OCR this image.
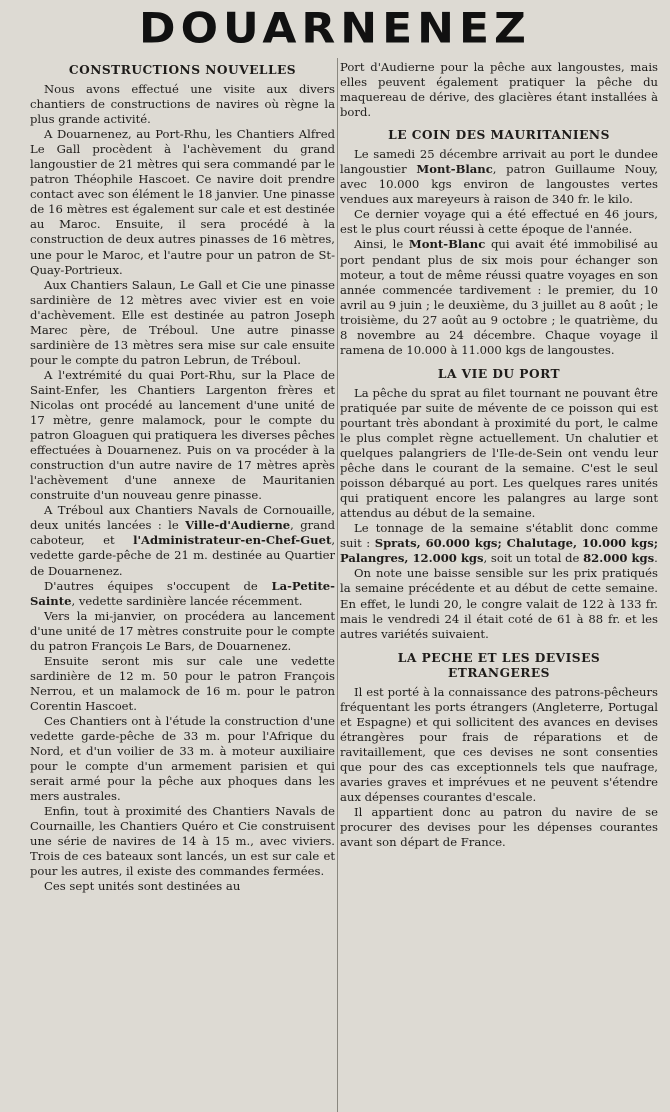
DOUARNENEZ
CONSTRUCTIONS NOUVELLES

Nous avons effectué une visite aux divers chantiers de constructions de navires où règne la plus grande activité.

A Douarnenez, au Port-Rhu, les Chantiers Alfred Le Gall procèdent à l'achèvement du grand langoustier de 21 mètres qui sera commandé par le patron Théophile Hascoet. Ce navire doit prendre contact avec son élément le 18 janvier. Une pinasse de 16 mètres est également sur cale et est destinée au Maroc. Ensuite, il sera procédé à la construction de deux autres pinasses de 16 mètres, une pour le Maroc, et l'autre pour un patron de St-Quay-Portrieux.

Aux Chantiers Salaun, Le Gall et Cie une pinasse sardinière de 12 mètres avec vivier est en voie d'achèvement. Elle est destinée au patron Joseph Marec père, de Tréboul. Une autre pinasse sardinière de 13 mètres sera mise sur cale ensuite pour le compte du patron Lebrun, de Tréboul.

A l'extrémité du quai Port-Rhu, sur la Place de Saint-Enfer, les Chantiers Largenton frères et Nicolas ont procédé au lancement d'une unité de 17 mètre, genre malamock, pour le compte du patron Gloaguen qui pratiquera les diverses pêches effectuées à Douarnenez. Puis on va procéder à la construction d'un autre navire de 17 mètres après l'achèvement d'une annexe de Mauritanien construite d'un nouveau genre pinasse.

A Tréboul aux Chantiers Navals de Cornouaille, deux unités lancées : le Ville-d'Audierne, grand caboteur, et l'Administrateur-en-Chef-Guet, vedette garde-pêche de 21 m. destinée au Quartier de Douarnenez.

D'autres équipes s'occupent de La-Petite-Sainte, vedette sardinière lancée récemment.

Vers la mi-janvier, on procédera au lancement d'une unité de 17 mètres construite pour le compte du patron François Le Bars, de Douarnenez.

Ensuite seront mis sur cale une vedette sardinière de 12 m. 50 pour le patron François Nerrou, et un malamock de 16 m. pour le patron Corentin Hascoet.

Ces Chantiers ont à l'étude la construction d'une vedette garde-pêche de 33 m. pour l'Afrique du Nord, et d'un voilier de 33 m. à moteur auxiliaire pour le compte d'un armement parisien et qui serait armé pour la pêche aux phoques dans les mers australes.

Enfin, tout à proximité des Chantiers Navals de Cournaille, les Chantiers Quéro et Cie construisent une série de navires de 14 à 15 m., avec viviers. Trois de ces bateaux sont lancés, un est sur cale et pour les autres, il existe des commandes fermées.

Ces sept unités sont destinées au

Port d'Audierne pour la pêche aux langoustes, mais elles peuvent également pratiquer la pêche du maquereau de dérive, des glacières étant installées à bord.

LE COIN DES MAURITANIENS

Le samedi 25 décembre arrivait au port le dundee langoustier Mont-Blanc, patron Guillaume Nouy, avec 10.000 kgs environ de langoustes vertes vendues aux mareyeurs à raison de 340 fr. le kilo.

Ce dernier voyage qui a été effectué en 46 jours, est le plus court réussi à cette époque de l'année.

Ainsi, le Mont-Blanc qui avait été immobilisé au port pendant plus de six mois pour échanger son moteur, a tout de même réussi quatre voyages en son année commencée tardivement : le premier, du 10 avril au 9 juin ; le deuxième, du 3 juillet au 8 août ; le troisième, du 27 août au 9 octobre ; le quatrième, du 8 novembre au 24 décembre. Chaque voyage il ramena de 10.000 à 11.000 kgs de langoustes.

LA VIE DU PORT

La pêche du sprat au filet tournant ne pouvant être pratiquée par suite de mévente de ce poisson qui est pourtant très abondant à proximité du port, le calme le plus complet règne actuellement. Un chalutier et quelques palangriers de l'Ile-de-Sein ont vendu leur pêche dans le courant de la semaine. C'est le seul poisson débarqué au port. Les quelques rares unités qui pratiquent encore les palangres au large sont attendus au début de la semaine.

Le tonnage de la semaine s'établit donc comme suit : Sprats, 60.000 kgs; Chalutage, 10.000 kgs; Palangres, 12.000 kgs, soit un total de 82.000 kgs.

On note une baisse sensible sur les prix pratiqués la semaine précédente et au début de cette semaine. En effet, le lundi 20, le congre valait de 122 à 133 fr. mais le vendredi 24 il était coté de 61 à 88 fr. et les autres variétés suivaient.

LA PECHE ET LES DEVISES
ETRANGERES

Il est porté à la connaissance des patrons-pêcheurs fréquentant les ports étrangers (Angleterre, Portugal et Espagne) et qui sollicitent des avances en devises étrangères pour frais de réparations et de ravitaillement, que ces devises ne sont consenties que pour des cas exceptionnels tels que naufrage, avaries graves et imprévues et ne peuvent s'étendre aux dépenses courantes d'escale.

Il appartient donc au patron du navire de se procurer des devises pour les dépenses courantes avant son départ de France.
